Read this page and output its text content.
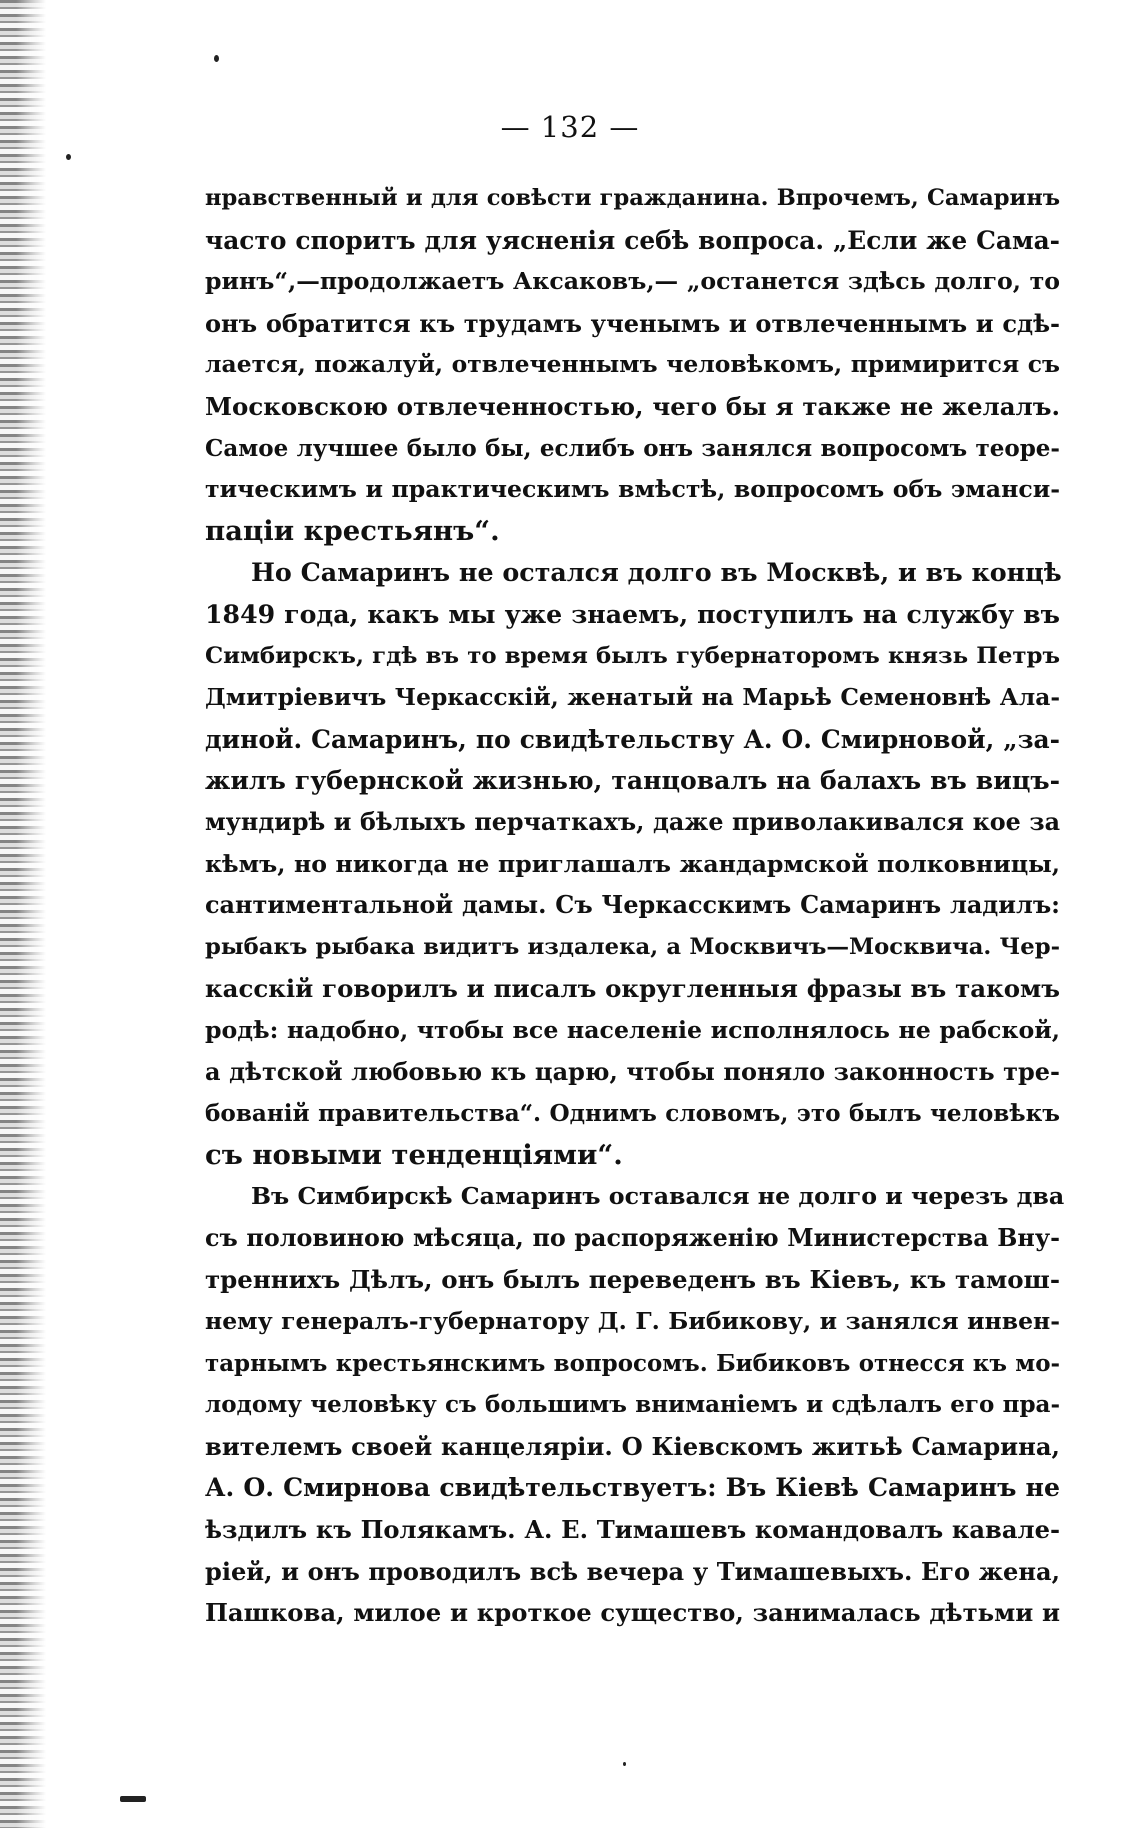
— 132 —
нравственный и для совѣсти гражданина. Впрочемъ, Самаринъ
часто споритъ для уясненія себѣ вопроса. „Если же Сама-
ринъ“,—продолжаетъ Аксаковъ,— „останется здѣсь долго, то
онъ обратится къ трудамъ ученымъ и отвлеченнымъ и сдѣ-
лается, пожалуй, отвлеченнымъ человѣкомъ, примирится съ
Московскою отвлеченностью, чего бы я также не желалъ.
Самое лучшее было бы, еслибъ онъ занялся вопросомъ теоре-
тическимъ и практическимъ вмѣстѣ, вопросомъ объ эманси-
паціи крестьянъ“.
Но Самаринъ не остался долго въ Москвѣ, и въ концѣ
1849 года, какъ мы уже знаемъ, поступилъ на службу въ
Симбирскъ, гдѣ въ то время былъ губернаторомъ князь Петръ
Дмитріевичъ Черкасскій, женатый на Марьѣ Семеновнѣ Ала-
диной. Самаринъ, по свидѣтельству А. О. Смирновой, „за-
жилъ губернской жизнью, танцовалъ на балахъ въ вицъ-
мундирѣ и бѣлыхъ перчаткахъ, даже приволакивался кое за
кѣмъ, но никогда не приглашалъ жандармской полковницы,
сантиментальной дамы. Съ Черкасскимъ Самаринъ ладилъ:
рыбакъ рыбака видитъ издалека, а Москвичъ—Москвича. Чер-
касскій говорилъ и писалъ округленныя фразы въ такомъ
родѣ: надобно, чтобы все населеніе исполнялось не рабской,
а дѣтской любовью къ царю, чтобы поняло законность тре-
бованій правительства“. Однимъ словомъ, это былъ человѣкъ
съ новыми тенденціями“.
Въ Симбирскѣ Самаринъ оставался не долго и черезъ два
съ половиною мѣсяца, по распоряженію Министерства Вну-
треннихъ Дѣлъ, онъ былъ переведенъ въ Кіевъ, къ тамош-
нему генералъ-губернатору Д. Г. Бибикову, и занялся инвен-
тарнымъ крестьянскимъ вопросомъ. Бибиковъ отнесся къ мо-
лодому человѣку съ большимъ вниманіемъ и сдѣлалъ его пра-
вителемъ своей канцеляріи. О Кіевскомъ житьѣ Самарина,
А. О. Смирнова свидѣтельствуетъ: Въ Кіевѣ Самаринъ не
ѣздилъ къ Полякамъ. А. Е. Тимашевъ командовалъ кавале-
ріей, и онъ проводилъ всѣ вечера у Тимашевыхъ. Его жена,
Пашкова, милое и кроткое существо, занималась дѣтьми и
